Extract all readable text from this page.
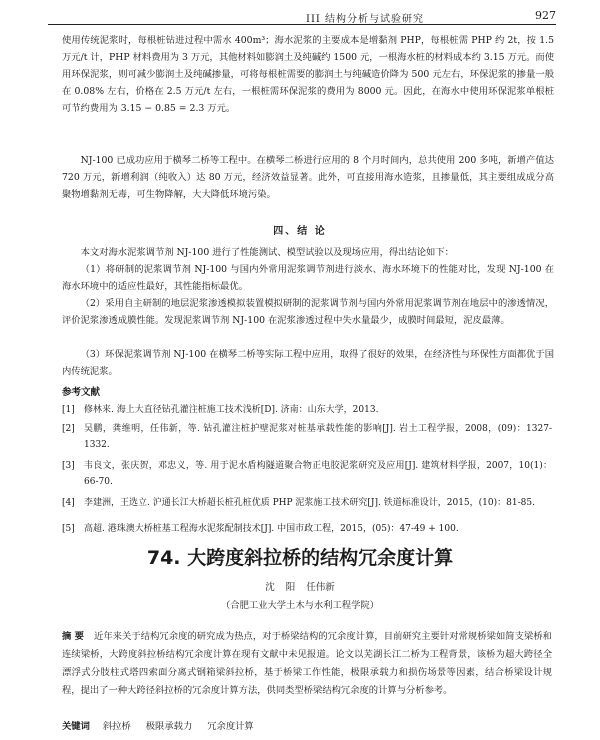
III 结构分析与试验研究	927

使用传统泥浆时，每根桩钻进过程中需水 400m³；海水泥浆的主要成本是增黏剂 PHP，每根桩需 PHP 约 2t，按 1.5 万元/t 计，PHP 材料费用为 3 万元，其他材料如膨润土及纯碱约 1500 元，一根海水桩的材料成本约 3.15 万元。而使用环保泥浆，则可减少膨润土及纯碱掺量，可将每根桩需要的膨润土与纯碱造价降为 500 元左右，环保泥浆的掺量一般在 0.08% 左右，价格在 2.5 万元/t 左右，一根桩需环保泥浆的费用为 8000 元。因此，在海水中使用环保泥浆单根桩可节约费用为 3.15 − 0.85 = 2.3 万元。

NJ-100 已成功应用于横琴二桥等工程中。在横琴二桥进行应用的 8 个月时间内，总共使用 200 多吨，新增产值达 720 万元，新增利润（纯收入）达 80 万元，经济效益显著。此外，可直接用海水造浆，且掺量低，其主要组成成分高聚物增黏剂无毒，可生物降解，大大降低环境污染。

四、结 论

本文对海水泥浆调节剂 NJ-100 进行了性能测试、模型试验以及现场应用，得出结论如下：

（1）将研制的泥浆调节剂 NJ-100 与国内外常用泥浆调节剂进行淡水、海水环境下的性能对比，发现 NJ-100 在海水环境中的适应性最好，其性能指标最优。

（2）采用自主研制的地层泥浆渗透模拟装置模拟研制的泥浆调节剂与国内外常用泥浆调节剂在地层中的渗透情况，评价泥浆渗透成膜性能。发现泥浆调节剂 NJ-100 在泥浆渗透过程中失水量最少，成膜时间最短，泥皮最薄。

（3）环保泥浆调节剂 NJ-100 在横琴二桥等实际工程中应用，取得了很好的效果，在经济性与环保性方面都优于国内传统泥浆。

参考文献
[1] 修林来. 海上大直径钻孔灌注桩施工技术浅析[D]. 济南：山东大学，2013.
[2] 吴鹏，龚维明，任伟新，等. 钻孔灌注桩护壁泥浆对桩基承载性能的影响[J]. 岩土工程学报，2008，(09)：1327-1332.
[3] 韦良文，张庆贺，邓忠义，等. 用于泥水盾构隧道聚合物正电胶泥浆研究及应用[J]. 建筑材料学报，2007，10(1)：66-70.
[4] 李建洲，王选立. 沪通长江大桥超长桩孔桩优质 PHP 泥浆施工技术研究[J]. 铁道标准设计，2015，(10)：81-85.
[5] 高超. 港珠澳大桥桩基工程海水泥浆配制技术[J]. 中国市政工程，2015，(05)：47-49 + 100.
74. 大跨度斜拉桥的结构冗余度计算
沈 阳 任伟新
（合肥工业大学土木与水利工程学院）
摘 要 近年来关于结构冗余度的研究成为热点，对于桥梁结构的冗余度计算，目前研究主要针对常规桥梁如简支梁桥和连续梁桥，大跨度斜拉桥结构冗余度计算在现有文献中未见报道。论文以芜湖长江二桥为工程背景，该桥为超大跨径全漂浮式分肢柱式塔四索面分离式钢箱梁斜拉桥，基于桥梁工作性能，极限承载力和损伤场景等因素，结合桥梁设计规程，提出了一种大跨径斜拉桥的冗余度计算方法，供同类型桥梁结构冗余度的计算与分析参考。
关键词 斜拉桥 极限承载力 冗余度计算
